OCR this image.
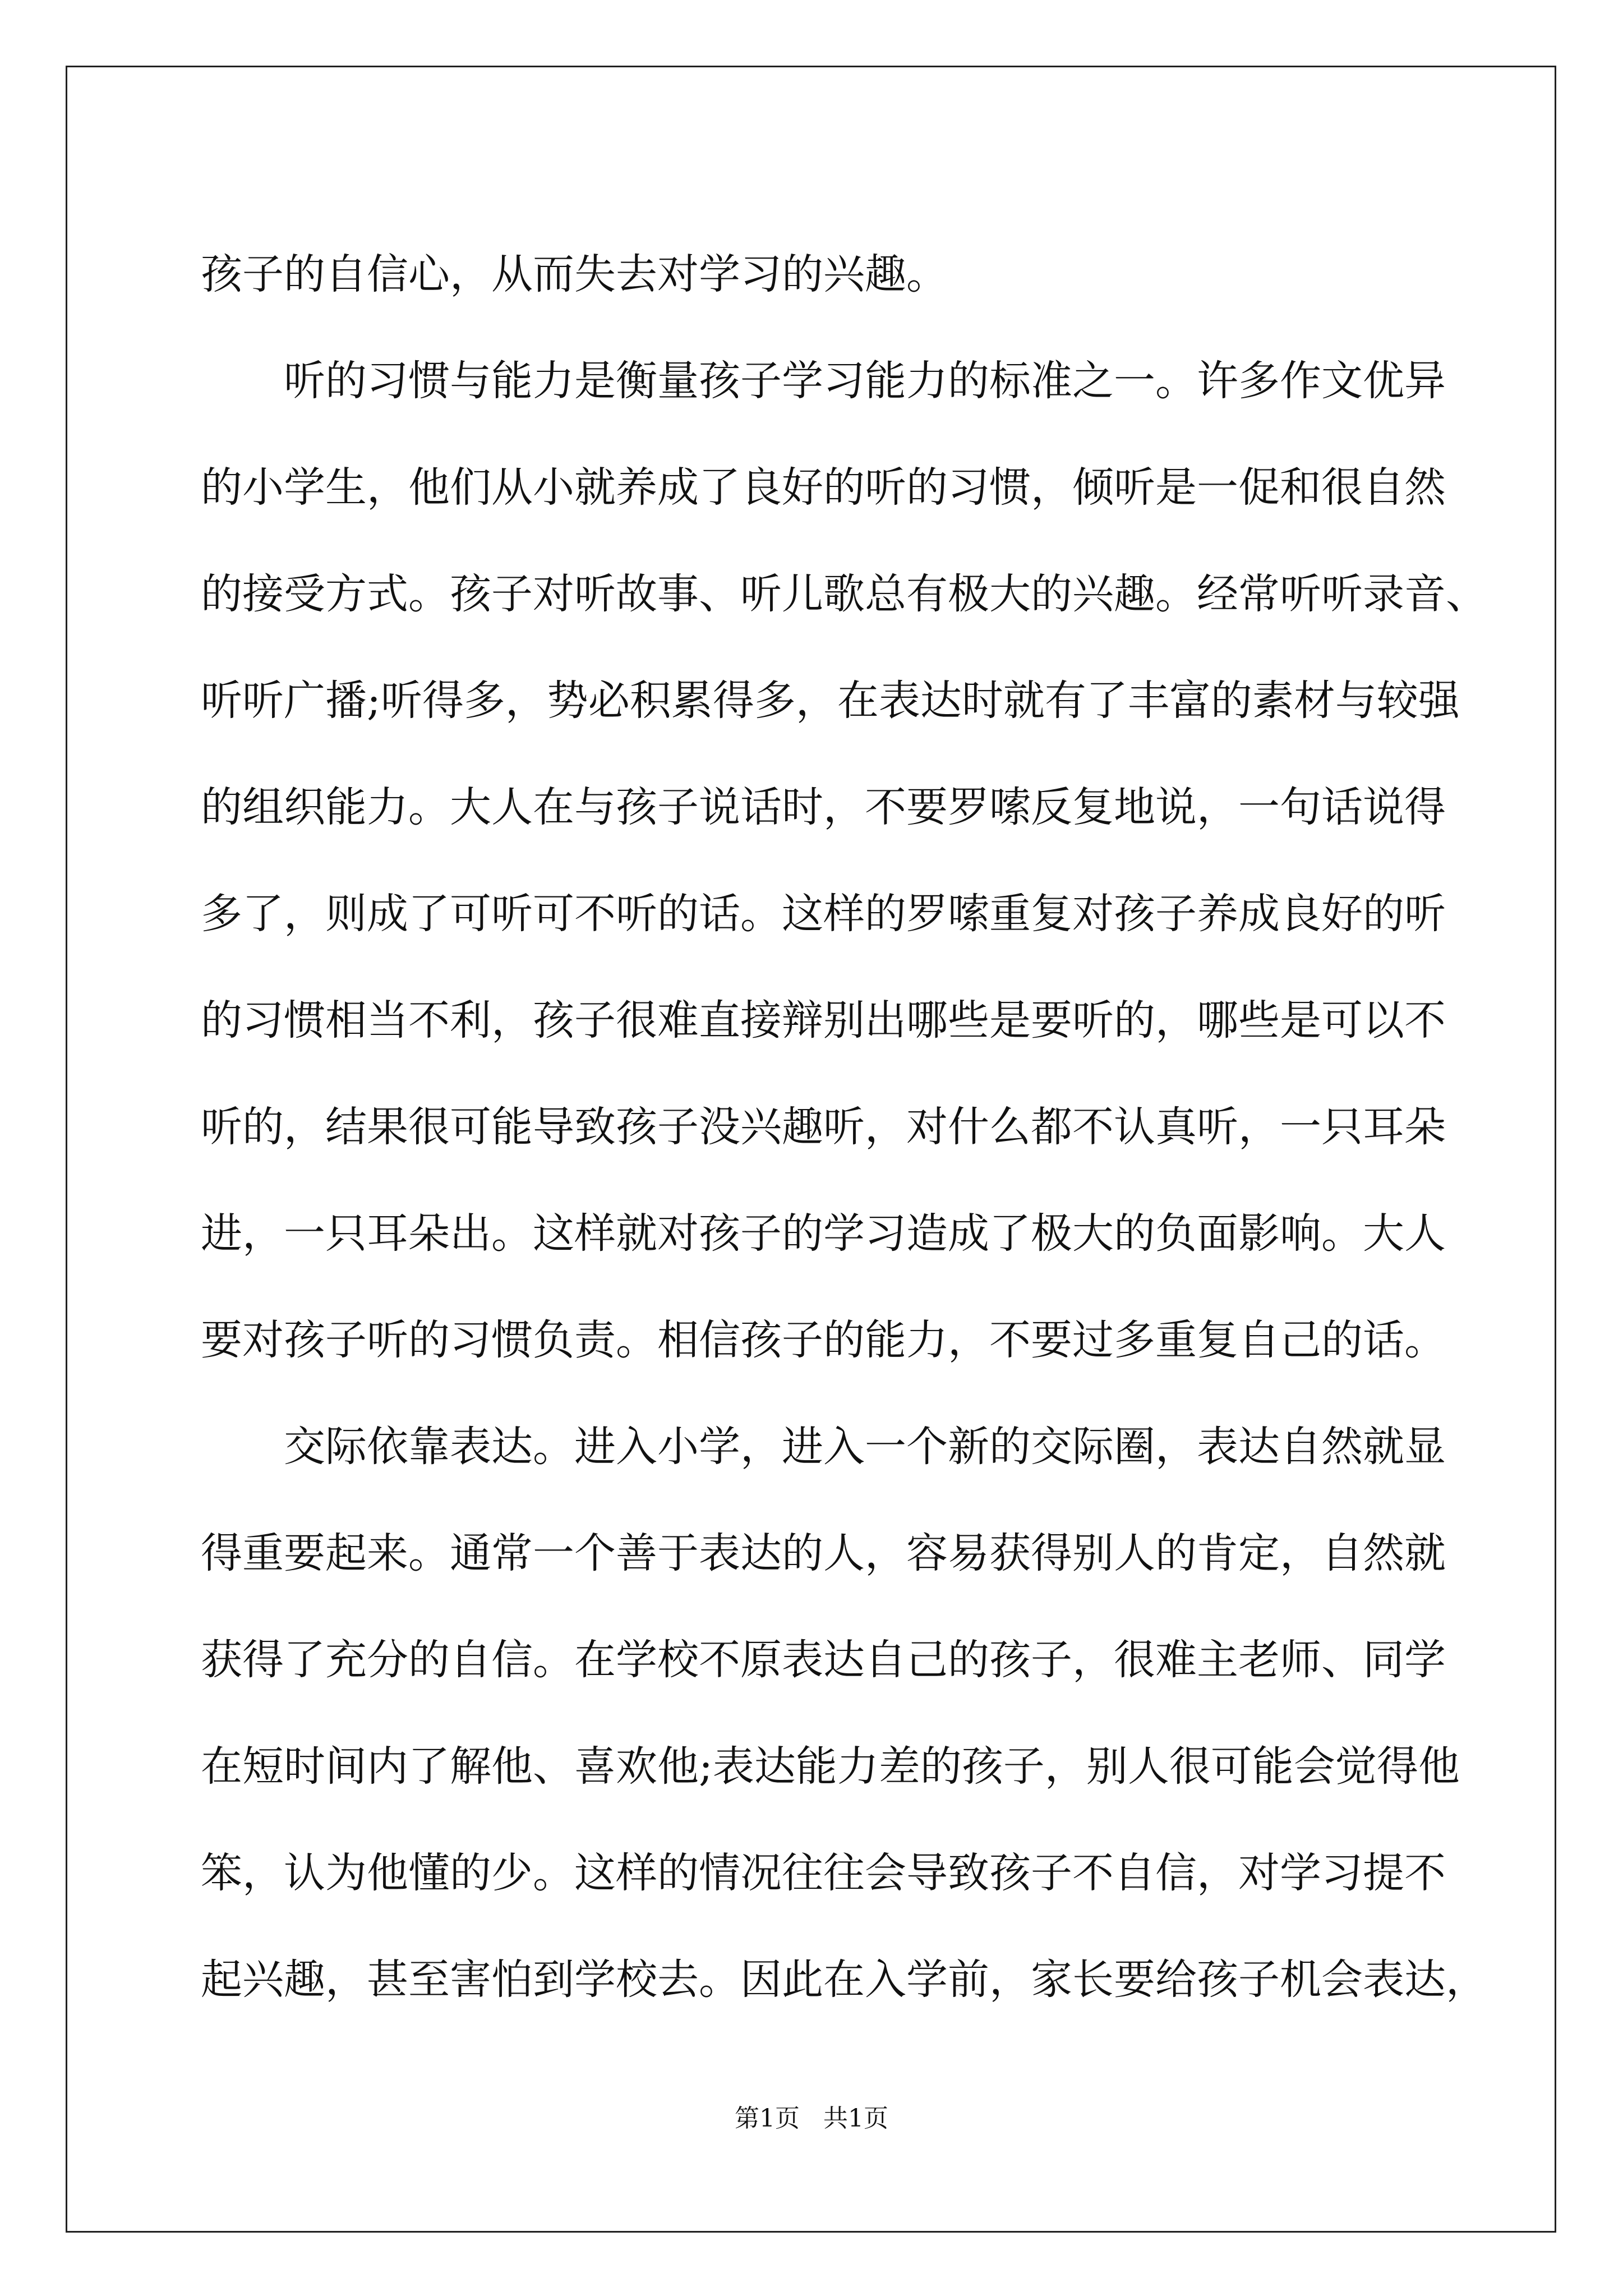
孩子的自信心，从而失去对学习的兴趣。
听的习惯与能力是衡量孩子学习能力的标准之一。许多作文优异
的小学生，他们从小就养成了良好的听的习惯，倾听是一促和很自然
的接受方式。孩子对听故事、听儿歌总有极大的兴趣。经常听听录音、
听听广播;听得多，势必积累得多，在表达时就有了丰富的素材与较强
的组织能力。大人在与孩子说话时，不要罗嗦反复地说，一句话说得
多了，则成了可听可不听的话。这样的罗嗦重复对孩子养成良好的听
的习惯相当不利，孩子很难直接辩别出哪些是要听的，哪些是可以不
听的，结果很可能导致孩子没兴趣听，对什么都不认真听，一只耳朵
进，一只耳朵出。这样就对孩子的学习造成了极大的负面影响。大人
要对孩子听的习惯负责。相信孩子的能力，不要过多重复自己的话。
交际依靠表达。进入小学，进入一个新的交际圈，表达自然就显
得重要起来。通常一个善于表达的人，容易获得别人的肯定，自然就
获得了充分的自信。在学校不原表达自己的孩子，很难主老师、同学
在短时间内了解他、喜欢他;表达能力差的孩子，别人很可能会觉得他
笨，认为他懂的少。这样的情况往往会导致孩子不自信，对学习提不
起兴趣，甚至害怕到学校去。因此在入学前，家长要给孩子机会表达，
第1页   共1页
